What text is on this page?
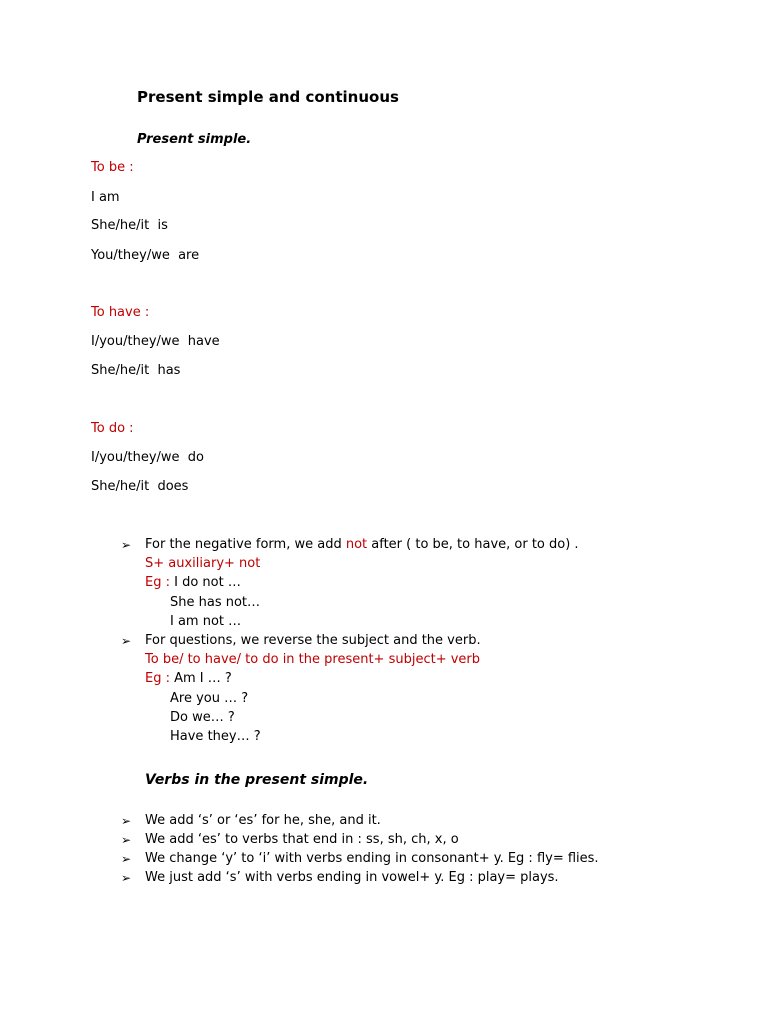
Present simple and continuous
Present simple.
To be :
I am
She/he/it  is
You/they/we  are
To have :
I/you/they/we  have
She/he/it  has
To do :
I/you/they/we  do
She/he/it  does
➢ For the negative form, we add not after ( to be, to have, or to do) .
S+ auxiliary+ not
Eg : I do not …
She has not…
I am not …
➢ For questions, we reverse the subject and the verb.
To be/ to have/ to do in the present+ subject+ verb
Eg : Am I … ?
Are you … ?
Do we… ?
Have they… ?
Verbs in the present simple.
➢ We add ‘s’ or ‘es’ for he, she, and it.
➢ We add ‘es’ to verbs that end in : ss, sh, ch, x, o
➢ We change ‘y’ to ‘i’ with verbs ending in consonant+ y. Eg : fly= flies.
➢ We just add ‘s’ with verbs ending in vowel+ y. Eg : play= plays.
